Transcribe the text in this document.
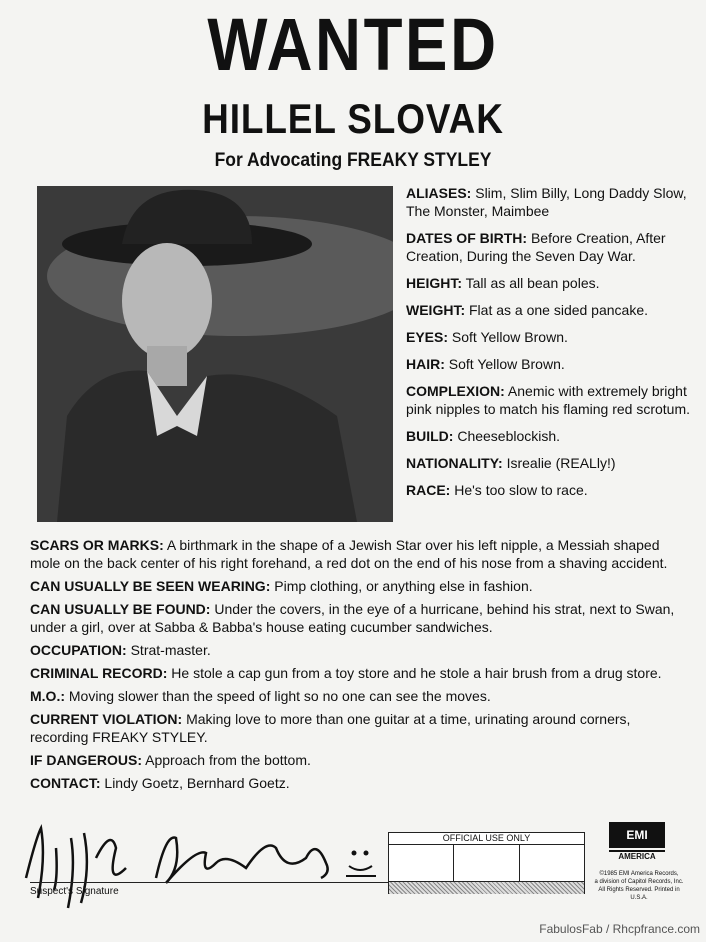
WANTED
HILLEL SLOVAK
For Advocating FREAKY STYLEY
ALIASES: Slim, Slim Billy, Long Daddy Slow, The Monster, Maimbee
DATES OF BIRTH: Before Creation, After Creation, During the Seven Day War.
HEIGHT: Tall as all bean poles.
WEIGHT: Flat as a one sided pancake.
EYES: Soft Yellow Brown.
HAIR: Soft Yellow Brown.
COMPLEXION: Anemic with extremely bright pink nipples to match his flaming red scrotum.
BUILD: Cheeseblockish.
NATIONALITY: Isrealie (REALly!)
RACE: He's too slow to race.
SCARS OR MARKS: A birthmark in the shape of a Jewish Star over his left nipple, a Messiah shaped mole on the back center of his right forehand, a red dot on the end of his nose from a shaving accident.
CAN USUALLY BE SEEN WEARING: Pimp clothing, or anything else in fashion.
CAN USUALLY BE FOUND: Under the covers, in the eye of a hurricane, behind his strat, next to Swan, under a girl, over at Sabba & Babba's house eating cucumber sandwiches.
OCCUPATION: Strat-master.
CRIMINAL RECORD: He stole a cap gun from a toy store and he stole a hair brush from a drug store.
M.O.: Moving slower than the speed of light so no one can see the moves.
CURRENT VIOLATION: Making love to more than one guitar at a time, urinating around corners, recording FREAKY STYLEY.
IF DANGEROUS: Approach from the bottom.
CONTACT: Lindy Goetz, Bernhard Goetz.
Suspect's Signature
OFFICIAL USE ONLY	EMI
AMERICA
©1985 EMI America Records,
a division of Capitol Records, Inc.
All Rights Reserved. Printed in U.S.A.
FabulosFab / Rhcpfrance.com
